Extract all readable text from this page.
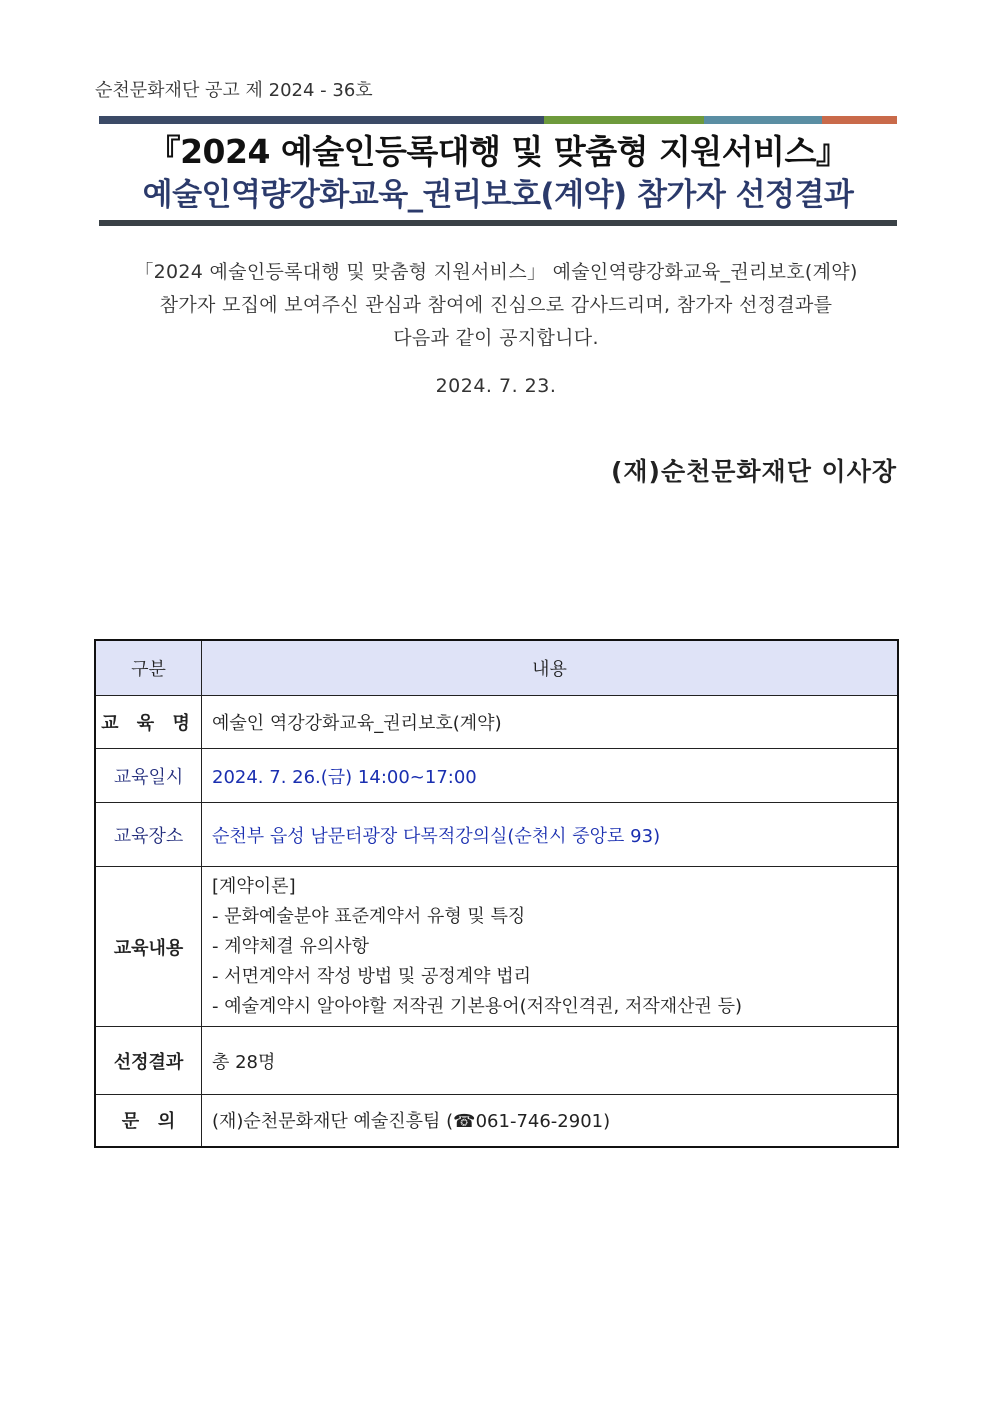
순천문화재단 공고 제 2024 - 36호
『2024 예술인등록대행 및 맞춤형 지원서비스』
예술인역량강화교육_권리보호(계약) 참가자 선정결과
「2024 예술인등록대행 및 맞춤형 지원서비스」 예술인역량강화교육_권리보호(계약)
참가자 모집에 보여주신 관심과 참여에 진심으로 감사드리며, 참가자 선정결과를
다음과 같이 공지합니다.
2024. 7. 23.
(재)순천문화재단 이사장
구분	내용
교 육 명	예술인 역강강화교육_권리보호(계약)
교육일시	2024. 7. 26.(금) 14:00~17:00
교육장소	순천부 읍성 남문터광장 다목적강의실(순천시 중앙로 93)
교육내용	[계약이론]
- 문화예술분야 표준계약서 유형 및 특징
- 계약체결 유의사항
- 서면계약서 작성 방법 및 공정계약 법리
- 예술계약시 알아야할 저작권 기본용어(저작인격권, 저작재산권 등)

선정결과	총 28명
문   의	(재)순천문화재단 예술진흥팀 (☎061-746-2901)
